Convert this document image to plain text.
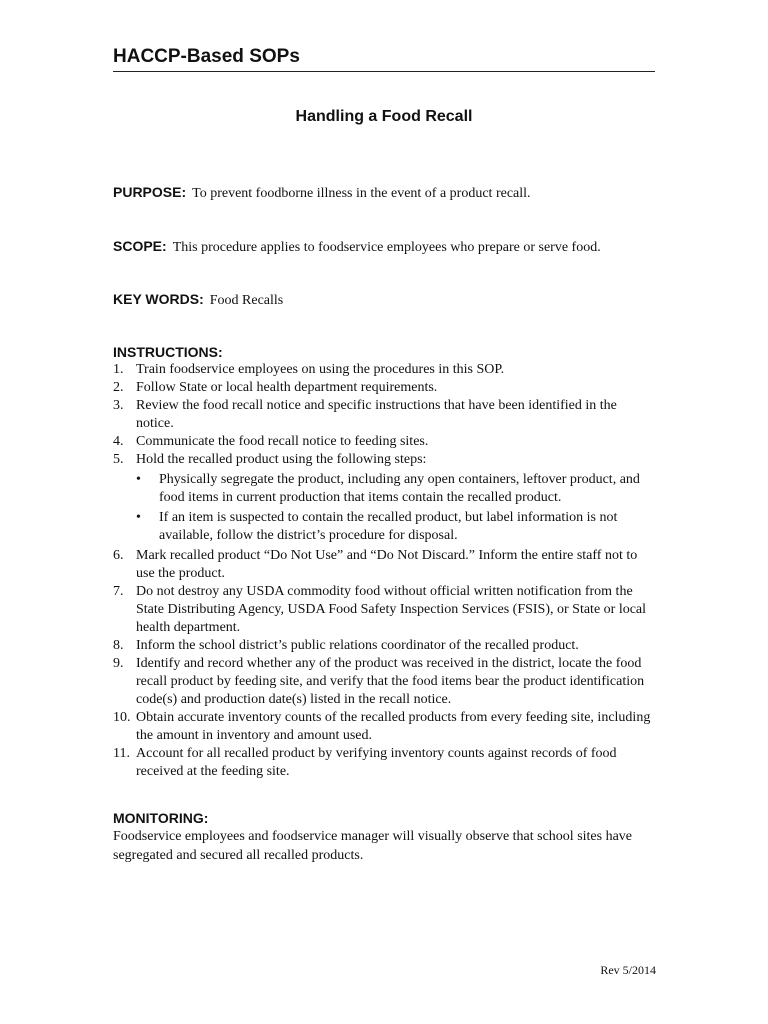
HACCP-Based SOPs
Handling a Food Recall
PURPOSE: To prevent foodborne illness in the event of a product recall.
SCOPE: This procedure applies to foodservice employees who prepare or serve food.
KEY WORDS: Food Recalls
INSTRUCTIONS:
1. Train foodservice employees on using the procedures in this SOP.
2. Follow State or local health department requirements.
3. Review the food recall notice and specific instructions that have been identified in the notice.
4. Communicate the food recall notice to feeding sites.
5. Hold the recalled product using the following steps:
• Physically segregate the product, including any open containers, leftover product, and food items in current production that items contain the recalled product.
• If an item is suspected to contain the recalled product, but label information is not available, follow the district’s procedure for disposal.
6. Mark recalled product “Do Not Use” and “Do Not Discard.” Inform the entire staff not to use the product.
7. Do not destroy any USDA commodity food without official written notification from the State Distributing Agency, USDA Food Safety Inspection Services (FSIS), or State or local health department.
8. Inform the school district’s public relations coordinator of the recalled product.
9. Identify and record whether any of the product was received in the district, locate the food recall product by feeding site, and verify that the food items bear the product identification code(s) and production date(s) listed in the recall notice.
10. Obtain accurate inventory counts of the recalled products from every feeding site, including the amount in inventory and amount used.
11. Account for all recalled product by verifying inventory counts against records of food received at the feeding site.
MONITORING:
Foodservice employees and foodservice manager will visually observe that school sites have segregated and secured all recalled products.
Rev 5/2014
